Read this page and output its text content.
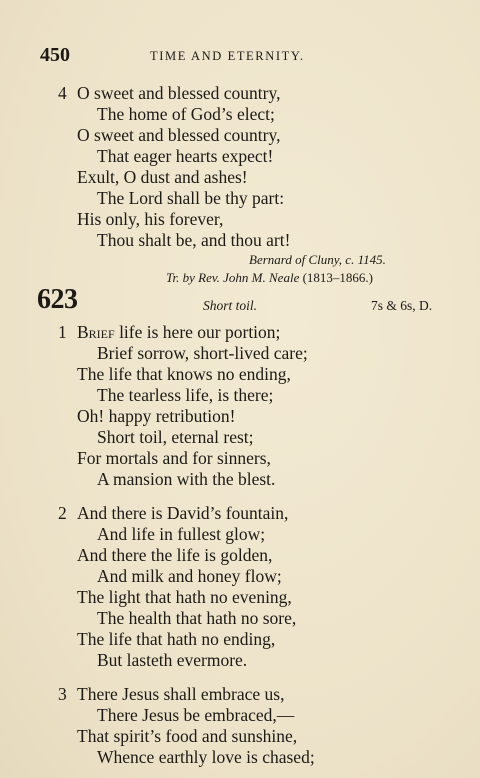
450	TIME AND ETERNITY.
4 O sweet and blessed country,
The home of God’s elect;
O sweet and blessed country,
That eager hearts expect!
Exult, O dust and ashes!
The Lord shall be thy part:
His only, his forever,
Thou shalt be, and thou art!
Bernard of Cluny, c. 1145.
Tr. by Rev. John M. Neale (1813–1866.)
623	Short toil.	7s & 6s, D.
1 Brief life is here our portion;
Brief sorrow, short-lived care;
The life that knows no ending,
The tearless life, is there;
Oh! happy retribution!
Short toil, eternal rest;
For mortals and for sinners,
A mansion with the blest.
2 And there is David’s fountain,
And life in fullest glow;
And there the life is golden,
And milk and honey flow;
The light that hath no evening,
The health that hath no sore,
The life that hath no ending,
But lasteth evermore.
3 There Jesus shall embrace us,
There Jesus be embraced,—
That spirit’s food and sunshine,
Whence earthly love is chased;
